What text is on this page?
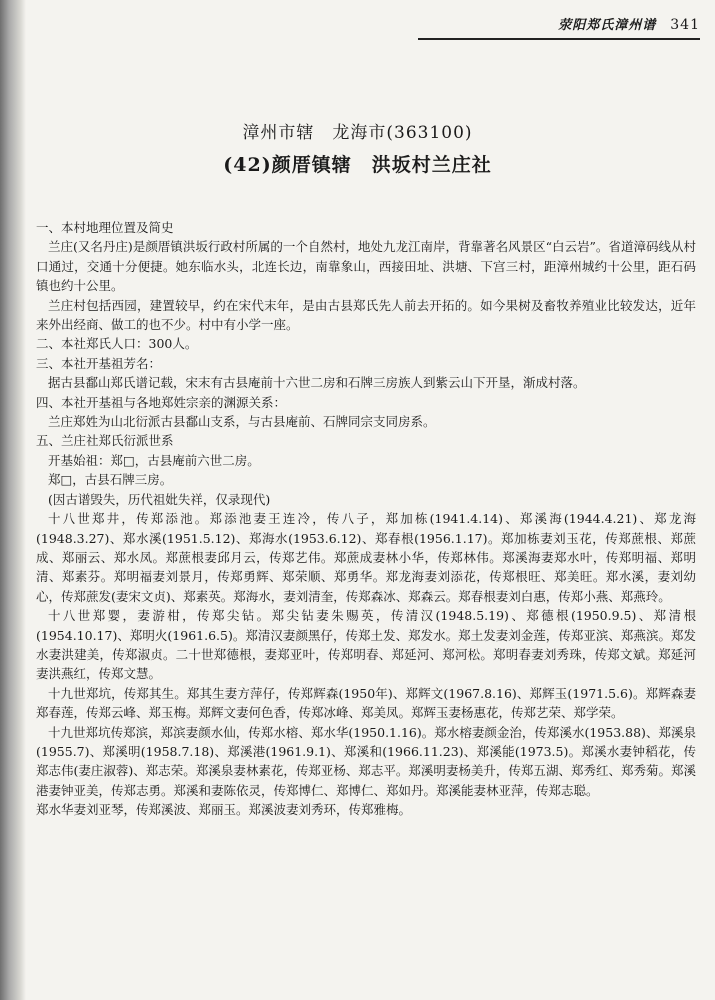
荥阳郑氏漳州谱 341
漳州市辖　龙海市(363100)
(42)颜厝镇辖　洪坂村兰庄社

一、本村地理位置及简史

兰庄(又名丹庄)是颜厝镇洪坂行政村所属的一个自然村，地处九龙江南岸，背靠著名风景区“白云岩”。省道漳码线从村口通过，交通十分便捷。她东临水头，北连长边，南靠象山，西接田址、洪塘、下宫三村，距漳州城约十公里，距石码镇也约十公里。

兰庄村包括西园，建置较早，约在宋代末年，是由古县郑氏先人前去开拓的。如今果树及畜牧养殖业比较发达，近年来外出经商、做工的也不少。村中有小学一座。

二、本社郑氏人口：300人。

三、本社开基祖芳名：

据古县鄱山郑氏谱记载，宋末有古县庵前十六世二房和石牌三房族人到紫云山下开垦，渐成村落。

四、本社开基祖与各地郑姓宗亲的渊源关系：

兰庄郑姓为山北衍派古县鄱山支系，与古县庵前、石牌同宗支同房系。

五、兰庄社郑氏衍派世系

开基始祖：郑□，古县庵前六世二房。

郑□，古县石牌三房。

(因古谱毁失，历代祖妣失祥，仅录现代)

十八世郑井，传郑添池。郑添池妻王连冷，传八子，郑加栋(1941.4.14)、郑溪海(1944.4.21)、郑龙海(1948.3.27)、郑水溪(1951.5.12)、郑海水(1953.6.12)、郑春根(1956.1.17)。郑加栋妻刘玉花，传郑蔗根、郑蔗成、郑丽云、郑水凤。郑蔗根妻邱月云，传郑艺伟。郑蔗成妻林小华，传郑林伟。郑溪海妻郑水叶，传郑明福、郑明清、郑素芬。郑明福妻刘景月，传郑勇辉、郑荣顺、郑勇华。郑龙海妻刘添花，传郑根旺、郑美旺。郑水溪，妻刘幼心，传郑蔗发(妻宋文贞)、郑素英。郑海水，妻刘清奎，传郑森冰、郑森云。郑春根妻刘白惠，传郑小燕、郑燕玲。

十八世郑婴，妻游柑，传郑尖钻。郑尖钻妻朱赐英，传清汉(1948.5.19)、郑德根(1950.9.5)、郑清根(1954.10.17)、郑明火(1961.6.5)。郑清汉妻颜黑仔，传郑土发、郑发水。郑土发妻刘金莲，传郑亚滨、郑燕滨。郑发水妻洪建美，传郑淑贞。二十世郑德根，妻郑亚叶，传郑明春、郑延河、郑河松。郑明春妻刘秀珠，传郑文斌。郑延河妻洪燕红，传郑文慧。

十九世郑坑，传郑其生。郑其生妻方萍仔，传郑辉森(1950年)、郑辉文(1967.8.16)、郑辉玉(1971.5.6)。郑辉森妻郑春莲，传郑云峰、郑玉梅。郑辉文妻何色香，传郑冰峰、郑美凤。郑辉玉妻杨惠花，传郑艺荣、郑学荣。

十九世郑坑传郑滨，郑滨妻颜水仙，传郑水榕、郑水华(1950.1.16)。郑水榕妻颜金治，传郑溪水(1953.88)、郑溪泉(1955.7)、郑溪明(1958.7.18)、郑溪港(1961.9.1)、郑溪和(1966.11.23)、郑溪能(1973.5)。郑溪水妻钟稻花，传郑志伟(妻庄淑蓉)、郑志荣。郑溪泉妻林素花，传郑亚杨、郑志平。郑溪明妻杨美升，传郑五湖、郑秀红、郑秀菊。郑溪港妻钟亚美，传郑志勇。郑溪和妻陈依灵，传郑博仁、郑博仁、郑如丹。郑溪能妻林亚萍，传郑志聪。

郑水华妻刘亚琴，传郑溪波、郑丽玉。郑溪波妻刘秀环，传郑雅梅。
